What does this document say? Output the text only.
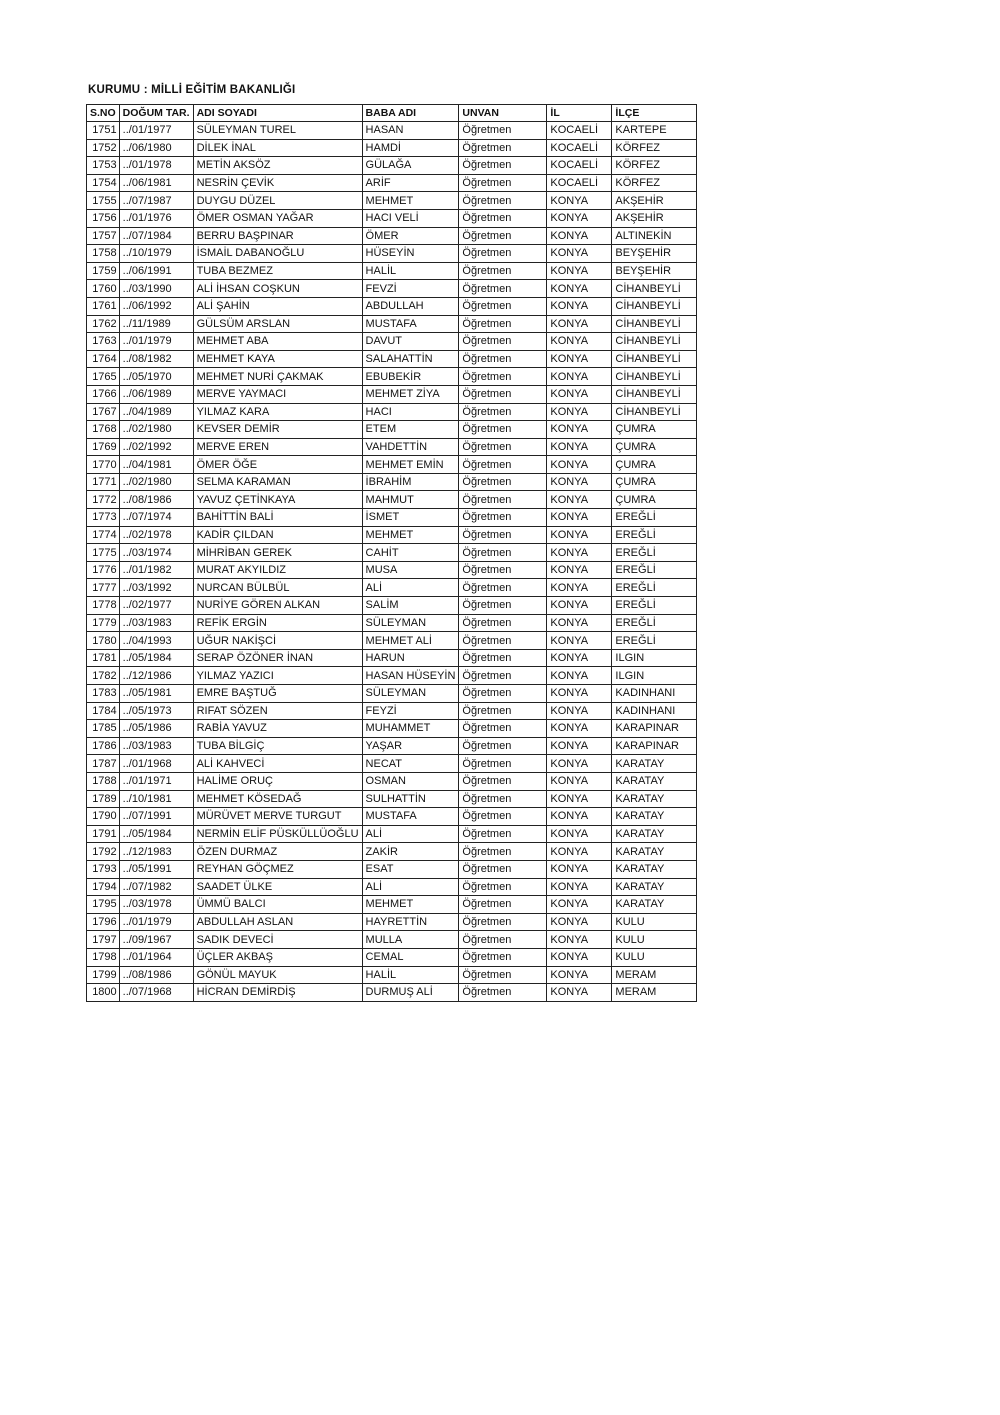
KURUMU : MİLLİ EĞİTİM BAKANLIĞI
S.NO	DOĞUM TAR.	ADI SOYADI	BABA ADI	UNVAN	İL	İLÇE
1751	../01/1977	SÜLEYMAN TUREL	HASAN	Öğretmen	KOCAELİ	KARTEPE
1752	../06/1980	DİLEK İNAL	HAMDİ	Öğretmen	KOCAELİ	KÖRFEZ
1753	../01/1978	METİN AKSÖZ	GÜLAĞA	Öğretmen	KOCAELİ	KÖRFEZ
1754	../06/1981	NESRİN ÇEVİK	ARİF	Öğretmen	KOCAELİ	KÖRFEZ
1755	../07/1987	DUYGU DÜZEL	MEHMET	Öğretmen	KONYA	AKŞEHİR
1756	../01/1976	ÖMER OSMAN YAĞAR	HACI VELİ	Öğretmen	KONYA	AKŞEHİR
1757	../07/1984	BERRU BAŞPINAR	ÖMER	Öğretmen	KONYA	ALTINEKİN
1758	../10/1979	İSMAİL DABANOĞLU	HÜSEYİN	Öğretmen	KONYA	BEYŞEHİR
1759	../06/1991	TUBA BEZMEZ	HALİL	Öğretmen	KONYA	BEYŞEHİR
1760	../03/1990	ALİ İHSAN COŞKUN	FEVZİ	Öğretmen	KONYA	CİHANBEYLİ
1761	../06/1992	ALİ ŞAHİN	ABDULLAH	Öğretmen	KONYA	CİHANBEYLİ
1762	../11/1989	GÜLSÜM ARSLAN	MUSTAFA	Öğretmen	KONYA	CİHANBEYLİ
1763	../01/1979	MEHMET ABA	DAVUT	Öğretmen	KONYA	CİHANBEYLİ
1764	../08/1982	MEHMET KAYA	SALAHATTİN	Öğretmen	KONYA	CİHANBEYLİ
1765	../05/1970	MEHMET NURİ ÇAKMAK	EBUBEKİR	Öğretmen	KONYA	CİHANBEYLİ
1766	../06/1989	MERVE YAYMACI	MEHMET ZİYA	Öğretmen	KONYA	CİHANBEYLİ
1767	../04/1989	YILMAZ KARA	HACI	Öğretmen	KONYA	CİHANBEYLİ
1768	../02/1980	KEVSER DEMİR	ETEM	Öğretmen	KONYA	ÇUMRA
1769	../02/1992	MERVE EREN	VAHDETTİN	Öğretmen	KONYA	ÇUMRA
1770	../04/1981	ÖMER ÖĞE	MEHMET EMİN	Öğretmen	KONYA	ÇUMRA
1771	../02/1980	SELMA KARAMAN	İBRAHİM	Öğretmen	KONYA	ÇUMRA
1772	../08/1986	YAVUZ ÇETİNKAYA	MAHMUT	Öğretmen	KONYA	ÇUMRA
1773	../07/1974	BAHİTTİN BALİ	İSMET	Öğretmen	KONYA	EREĞLİ
1774	../02/1978	KADİR ÇILDAN	MEHMET	Öğretmen	KONYA	EREĞLİ
1775	../03/1974	MİHRİBAN GEREK	CAHİT	Öğretmen	KONYA	EREĞLİ
1776	../01/1982	MURAT AKYILDIZ	MUSA	Öğretmen	KONYA	EREĞLİ
1777	../03/1992	NURCAN BÜLBÜL	ALİ	Öğretmen	KONYA	EREĞLİ
1778	../02/1977	NURİYE GÖREN ALKAN	SALİM	Öğretmen	KONYA	EREĞLİ
1779	../03/1983	REFİK ERGİN	SÜLEYMAN	Öğretmen	KONYA	EREĞLİ
1780	../04/1993	UĞUR NAKİŞCİ	MEHMET ALİ	Öğretmen	KONYA	EREĞLİ
1781	../05/1984	SERAP ÖZÖNER İNAN	HARUN	Öğretmen	KONYA	ILGIN
1782	../12/1986	YILMAZ YAZICI	HASAN HÜSEYİN	Öğretmen	KONYA	ILGIN
1783	../05/1981	EMRE BAŞTUĞ	SÜLEYMAN	Öğretmen	KONYA	KADINHANI
1784	../05/1973	RIFAT SÖZEN	FEYZİ	Öğretmen	KONYA	KADINHANI
1785	../05/1986	RABİA YAVUZ	MUHAMMET	Öğretmen	KONYA	KARAPINAR
1786	../03/1983	TUBA BİLGİÇ	YAŞAR	Öğretmen	KONYA	KARAPINAR
1787	../01/1968	ALİ KAHVECİ	NECAT	Öğretmen	KONYA	KARATAY
1788	../01/1971	HALİME ORUÇ	OSMAN	Öğretmen	KONYA	KARATAY
1789	../10/1981	MEHMET KÖSEDAĞ	SULHATTİN	Öğretmen	KONYA	KARATAY
1790	../07/1991	MÜRÜVET MERVE TURGUT	MUSTAFA	Öğretmen	KONYA	KARATAY
1791	../05/1984	NERMİN ELİF PÜSKÜLLÜOĞLU	ALİ	Öğretmen	KONYA	KARATAY
1792	../12/1983	ÖZEN DURMAZ	ZAKİR	Öğretmen	KONYA	KARATAY
1793	../05/1991	REYHAN GÖÇMEZ	ESAT	Öğretmen	KONYA	KARATAY
1794	../07/1982	SAADET ÜLKE	ALİ	Öğretmen	KONYA	KARATAY
1795	../03/1978	ÜMMÜ BALCI	MEHMET	Öğretmen	KONYA	KARATAY
1796	../01/1979	ABDULLAH ASLAN	HAYRETTİN	Öğretmen	KONYA	KULU
1797	../09/1967	SADIK DEVECİ	MULLA	Öğretmen	KONYA	KULU
1798	../01/1964	ÜÇLER AKBAŞ	CEMAL	Öğretmen	KONYA	KULU
1799	../08/1986	GÖNÜL MAYUK	HALİL	Öğretmen	KONYA	MERAM
1800	../07/1968	HİCRAN DEMİRDİŞ	DURMUŞ ALİ	Öğretmen	KONYA	MERAM
